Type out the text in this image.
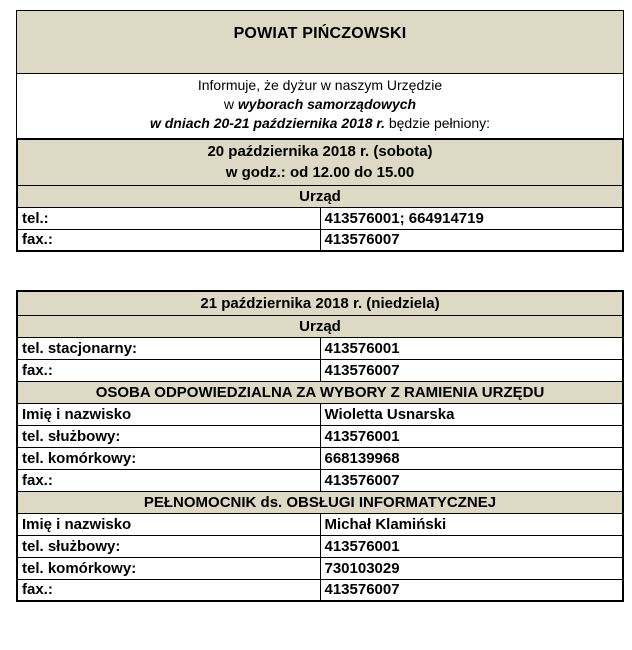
POWIAT PIŃCZOWSKI
Informuje, że dyżur w naszym Urzędzie
w wyborach samorządowych
w dniach 20-21 października 2018 r. będzie pełniony:
20 października 2018 r. (sobota)
w godz.: od 12.00 do 15.00	

Urząd	
tel.:	413576001; 664914719
fax.:	413576007
21 października 2018 r. (niedziela)	
Urząd	
tel. stacjonarny:	413576001
fax.:	413576007
OSOBA ODPOWIEDZIALNA ZA WYBORY Z RAMIENIA URZĘDU	
Imię i nazwisko	Wioletta Usnarska
tel. służbowy:	413576001
tel. komórkowy:	668139968
fax.:	413576007
PEŁNOMOCNIK ds. OBSŁUGI INFORMATYCZNEJ	
Imię i nazwisko	Michał Klamiński
tel. służbowy:	413576001
tel. komórkowy:	730103029
fax.:	413576007
